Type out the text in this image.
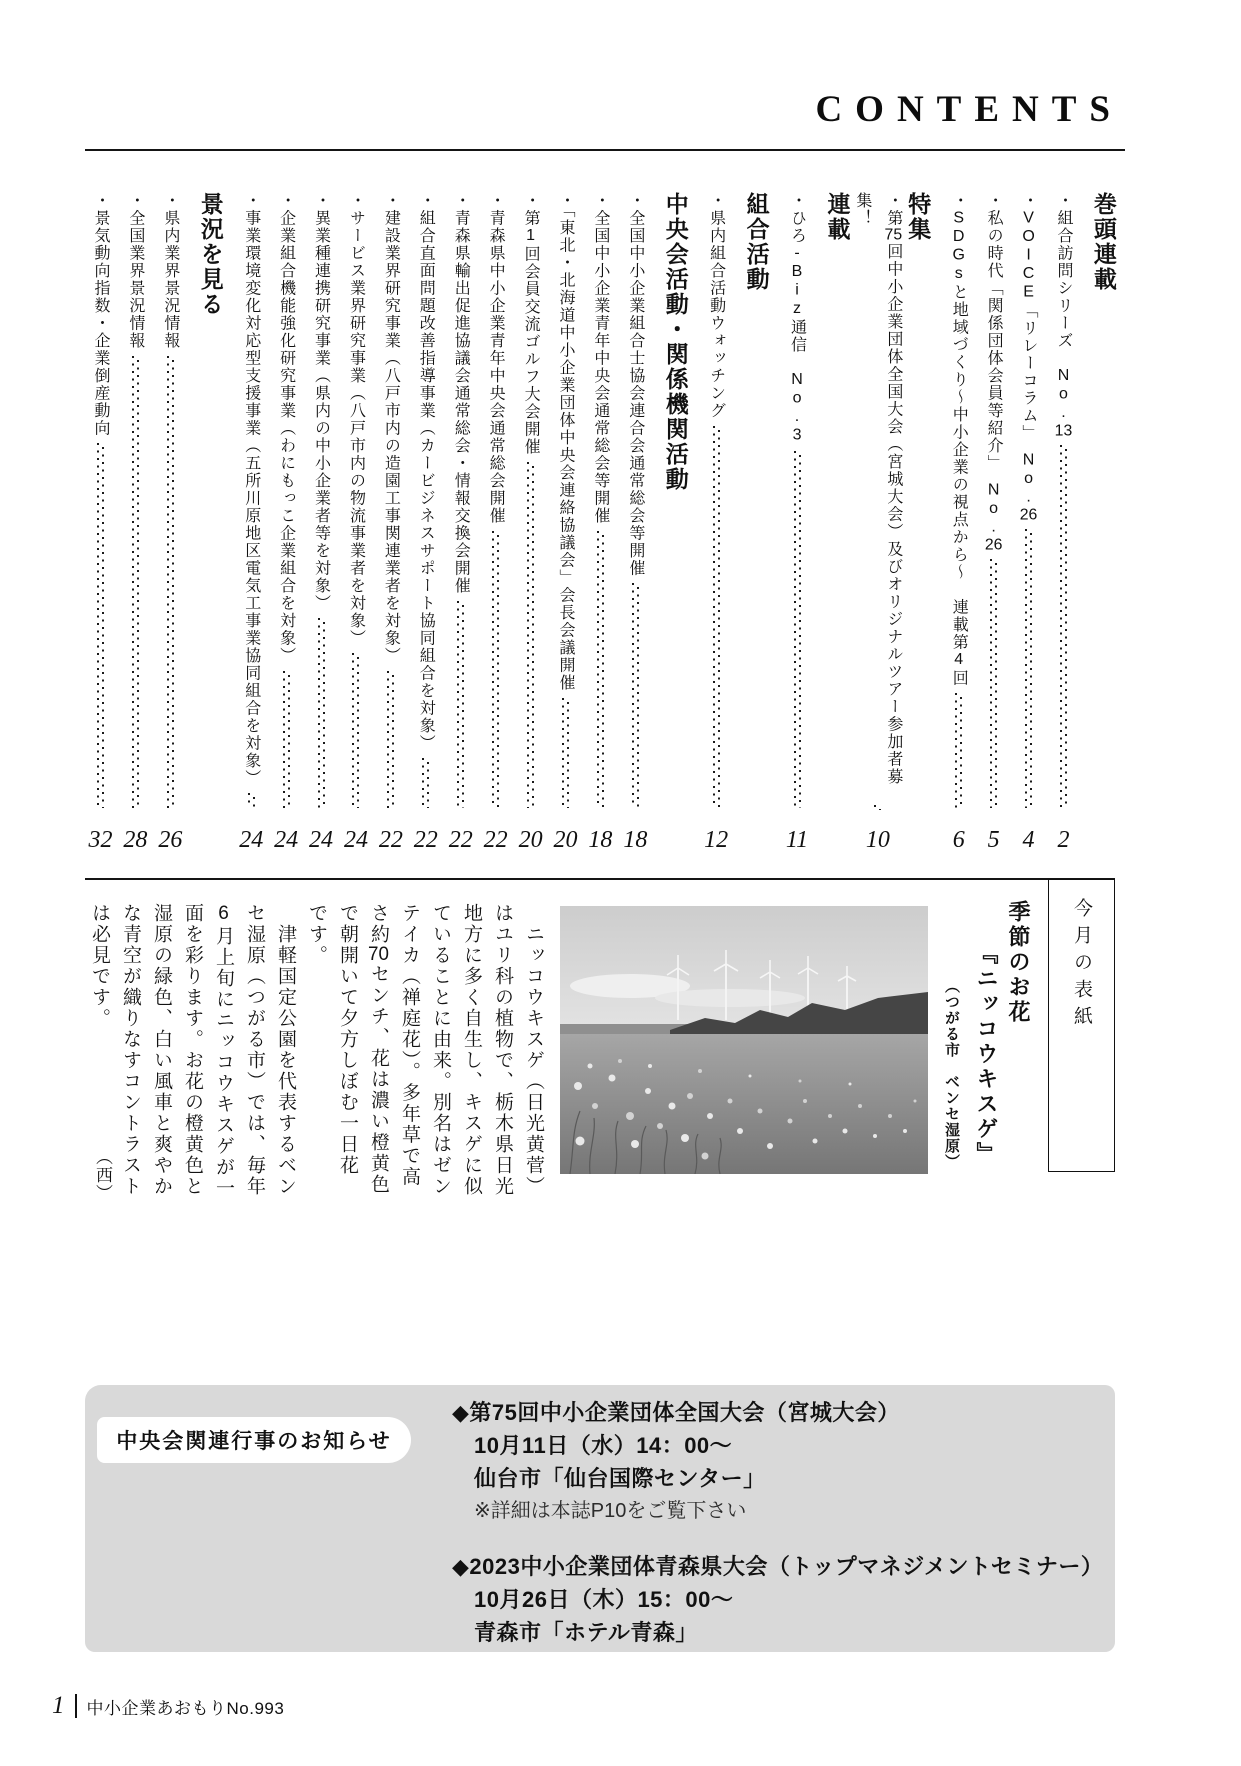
CONTENTS
巻頭連載
・組合訪問シリーズ　No.13
2
・VOICE「リレーコラム」　No.26
4
・私の時代「関係団体会員等紹介」　No.26
5
・SDGsと地域づくり～中小企業の視点から～　連載第4回
6
特集
・第75回中小企業団体全国大会（宮城大会）及びオリジナルツアー参加者募集！
10
連載
・ひろ-Biz通信　No.3
11
組合活動
・県内組合活動ウォッチング
12
中央会活動・関係機関活動
・全国中小企業組合士協会連合会通常総会等開催
18
・全国中小企業青年中央会通常総会等開催
18
・「東北・北海道中小企業団体中央会連絡協議会」会長会議開催
20
・第1回会員交流ゴルフ大会開催
20
・青森県中小企業青年中央会通常総会開催
22
・青森県輸出促進協議会通常総会・情報交換会開催
22
・組合直面問題改善指導事業（カービジネスサポート協同組合を対象）
22
・建設業界研究事業（八戸市内の造園工事関連業者を対象）
22
・サービス業界研究事業（八戸市内の物流事業者を対象）
24
・異業種連携研究事業（県内の中小企業者等を対象）
24
・企業組合機能強化研究事業（わにもっこ企業組合を対象）
24
・事業環境変化対応型支援事業（五所川原地区電気工事業協同組合を対象）
24
景況を見る
・県内業界景況情報
26
・全国業界景況情報
28
・景気動向指数・企業倒産動向
32
今月の表紙
季節のお花
『ニッコウキスゲ』
（つがる市　ベンセ湿原）
　ニッコウキスゲ（日光黄菅）
はユリ科の植物で、栃木県日光
地方に多く自生し、キスゲに似
ていることに由来。別名はゼン
テイカ（禅庭花）。多年草で高
さ約70センチ、花は濃い橙黄色
で朝開いて夕方しぼむ一日花
です。
　津軽国定公園を代表するベン
セ湿原（つがる市）では、毎年
6月上旬にニッコウキスゲが一
面を彩ります。お花の橙黄色と
湿原の緑色、白い風車と爽やか
な青空が織りなすコントラスト
は必見です。
（西）
中央会関連行事のお知らせ
◆第75回中小企業団体全国大会（宮城大会）
10月11日（水）14：00～
仙台市「仙台国際センター」
※詳細は本誌P10をご覧下さい
◆2023中小企業団体青森県大会（トップマネジメントセミナー）
10月26日（木）15：00～
青森市「ホテル青森」
1 中小企業あおもりNo.993
